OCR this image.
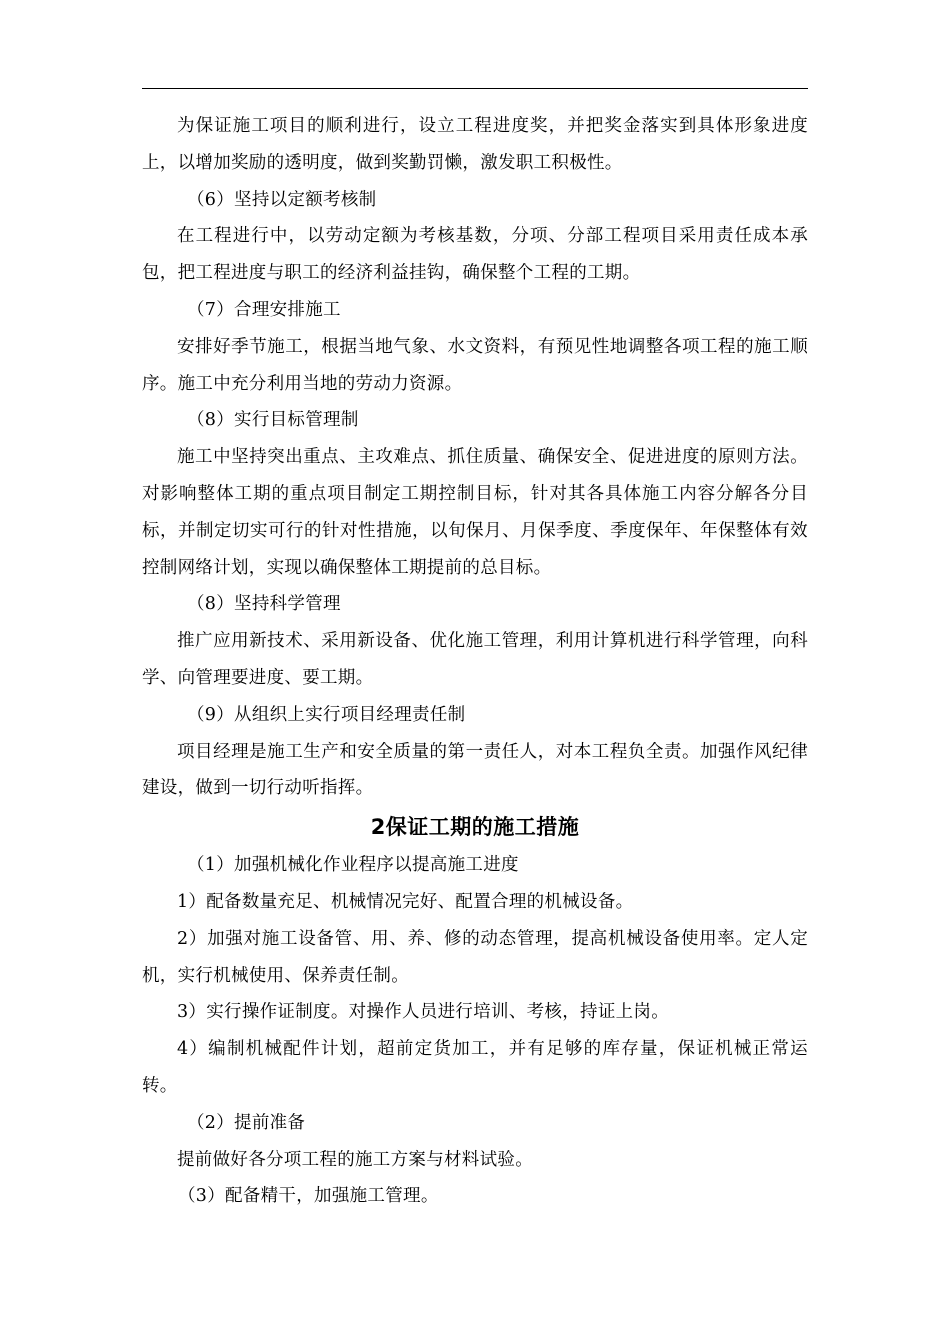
为保证施工项目的顺利进行，设立工程进度奖，并把奖金落实到具体形象进度上，以增加奖励的透明度，做到奖勤罚懒，激发职工积极性。

（6）坚持以定额考核制

在工程进行中，以劳动定额为考核基数，分项、分部工程项目采用责任成本承包，把工程进度与职工的经济利益挂钩，确保整个工程的工期。

（7）合理安排施工

安排好季节施工，根据当地气象、水文资料，有预见性地调整各项工程的施工顺序。施工中充分利用当地的劳动力资源。

（8）实行目标管理制

施工中坚持突出重点、主攻难点、抓住质量、确保安全、促进进度的原则方法。对影响整体工期的重点项目制定工期控制目标，针对其各具体施工内容分解各分目标，并制定切实可行的针对性措施，以旬保月、月保季度、季度保年、年保整体有效控制网络计划，实现以确保整体工期提前的总目标。

（8）坚持科学管理

推广应用新技术、采用新设备、优化施工管理，利用计算机进行科学管理，向科学、向管理要进度、要工期。

（9）从组织上实行项目经理责任制

项目经理是施工生产和安全质量的第一责任人，对本工程负全责。加强作风纪律建设，做到一切行动听指挥。

2保证工期的施工措施

（1）加强机械化作业程序以提高施工进度

1）配备数量充足、机械情况完好、配置合理的机械设备。

2）加强对施工设备管、用、养、修的动态管理，提高机械设备使用率。定人定机，实行机械使用、保养责任制。

3）实行操作证制度。对操作人员进行培训、考核，持证上岗。

4）编制机械配件计划，超前定货加工，并有足够的库存量，保证机械正常运转。

（2）提前准备

提前做好各分项工程的施工方案与材料试验。

（3）配备精干，加强施工管理。
